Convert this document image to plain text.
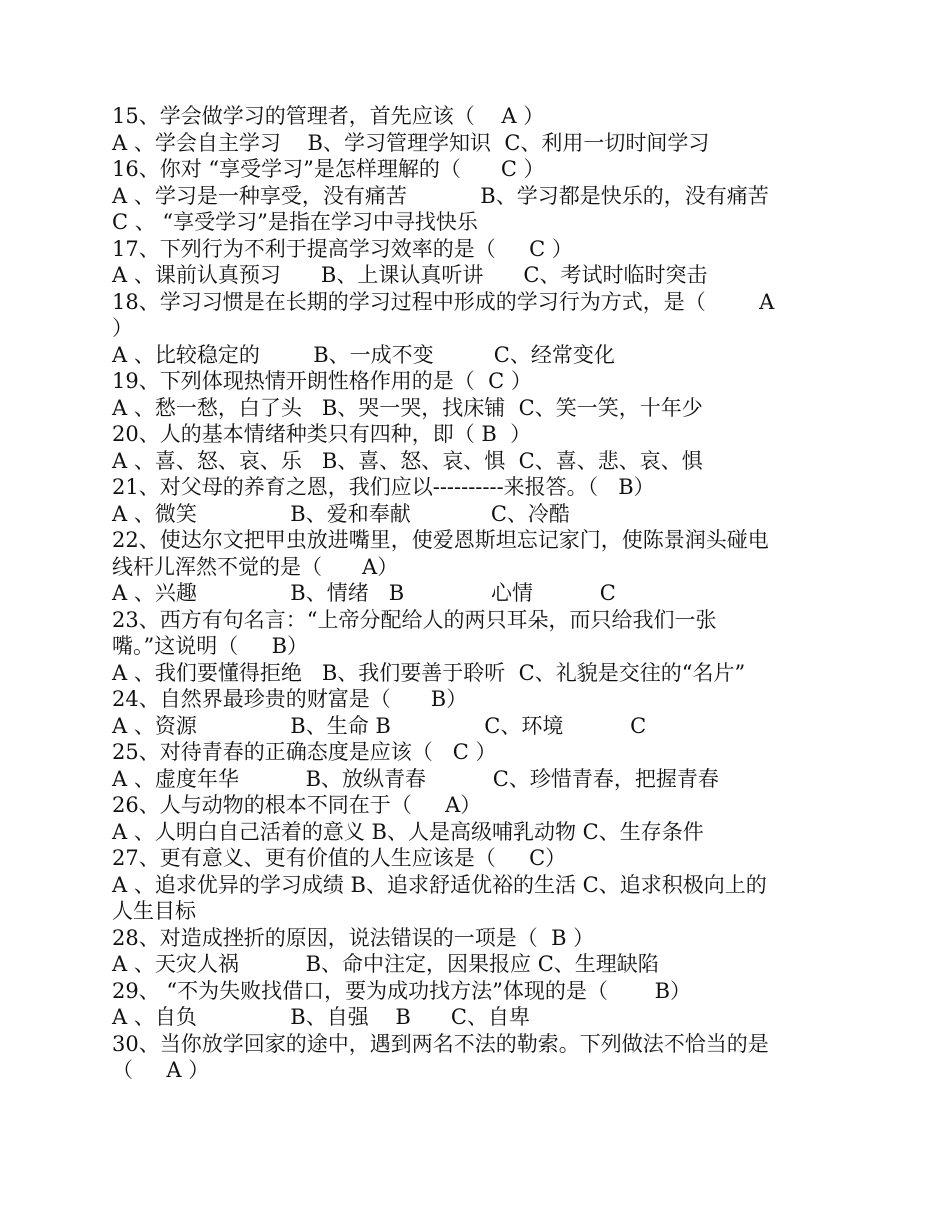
15、学会做学习的管理者，首先应该（    A ）
A 、学会自主学习    B、学习管理学知识  C、利用一切时间学习
16、你对 “享受学习”是怎样理解的（      C ）
A 、学习是一种享受，没有痛苦           B、学习都是快乐的，没有痛苦
C 、 “享受学习”是指在学习中寻找快乐
17、下列行为不利于提高学习效率的是（     C ）
A 、课前认真预习      B、上课认真听讲      C、考试时临时突击
18、学习习惯是在长期的学习过程中形成的学习行为方式，是（        A
）
A 、比较稳定的        B、一成不变         C、经常变化
19、下列体现热情开朗性格作用的是（  C ）
A 、愁一愁，白了头   B、哭一哭，找床铺  C、笑一笑，十年少
20、人的基本情绪种类只有四种，即（ B  ）
A 、喜、怒、哀、乐   B、喜、怒、哀、惧  C、喜、悲、哀、惧
21、对父母的养育之恩，我们应以----------来报答。（   B）
A 、微笑              B、爱和奉献            C、冷酷
22、使达尔文把甲虫放进嘴里，使爱恩斯坦忘记家门，使陈景润头碰电
线杆儿浑然不觉的是（      A）
A 、兴趣              B、情绪   B             心情          C
23、西方有句名言：“上帝分配给人的两只耳朵，而只给我们一张
嘴。”这说明（     B）
A 、我们要懂得拒绝   B、我们要善于聆听  C、礼貌是交往的“名片”
24、自然界最珍贵的财富是（      B）
A 、资源              B、生命 B              C、环境          C
25、对待青春的正确态度是应该（   C ）
A 、虚度年华          B、放纵青春          C、珍惜青春，把握青春
26、人与动物的根本不同在于（     A）
A 、人明白自己活着的意义 B、人是高级哺乳动物 C、生存条件
27、更有意义、更有价值的人生应该是（     C）
A 、追求优异的学习成绩 B、追求舒适优裕的生活 C、追求积极向上的
人生目标
28、对造成挫折的原因，说法错误的一项是（  B ）
A 、天灾人祸          B、命中注定，因果报应 C、生理缺陷
29、 “不为失败找借口，要为成功找方法”体现的是（       B）
A 、自负              B、自强    B      C、自卑
30、当你放学回家的途中，遇到两名不法的勒索。下列做法不恰当的是
（     A ）
